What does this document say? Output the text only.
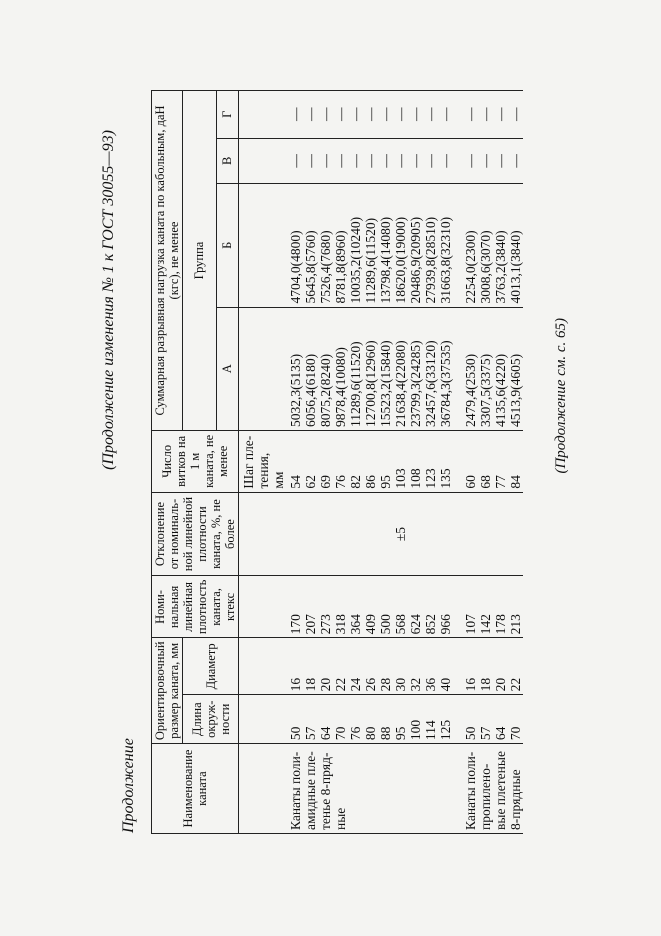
(Продолжение изменения № 1 к ГОСТ 30055—93)
Продолжение	Наименование каната	Ориентировочный размер каната, мм		Номи-нальная линейная плотность каната, ктекс	Отклонение от номиналь-ной линейной плотности каната, %, не более	Число витков на 1 м каната, не менее	Суммарная разрывная нагрузка каната по кабольным, даН (кгс), не менее			
	Длина окруж-ности	Диаметр				Группа			
						А	Б	В	Г
					Шаг пле-тения, мм				
Канаты поли-	50	16	170		54	5032,3(5135)	4704,0(4800)	—	—
амидные пле-	57	18	207		62	6056,4(6180)	5645,8(5760)	—	—
тенье 8-пряд-	64	20	273		69	8075,2(8240)	7526,4(7680)	—	—
ные	70	22	318		76	9878,4(10080)	8781,8(8960)	—	—
	76	24	364		82	11289,6(11520)	10035,2(10240)	—	—
	80	26	409		86	12700,8(12960)	11289,6(11520)	—	—
	88	28	500		95	15523,2(15840)	13798,4(14080)	—	—
	95	30	568	±5	103	21638,4(22080)	18620,0(19000)	—	—
	100	32	624		108	23799,3(24285)	20486,9(20905)	—	—
	114	36	852		123	32457,6(33120)	27939,8(28510)	—	—
	125	40	966		135	36784,3(37535)	31663,8(32310)	—	—

Канаты поли-	50	16	107		60	2479,4(2530)	2254,0(2300)	—	—
пропилено-	57	18	142		68	3307,5(3375)	3008,6(3070)	—	—
вые плетеные	64	20	178		77	4135,6(4220)	3763,2(3840)	—	—
8-прядные	70	22	213		84	4513,9(4605)	4013,1(3840)	—	—
(Продолжение см. с. 65)
